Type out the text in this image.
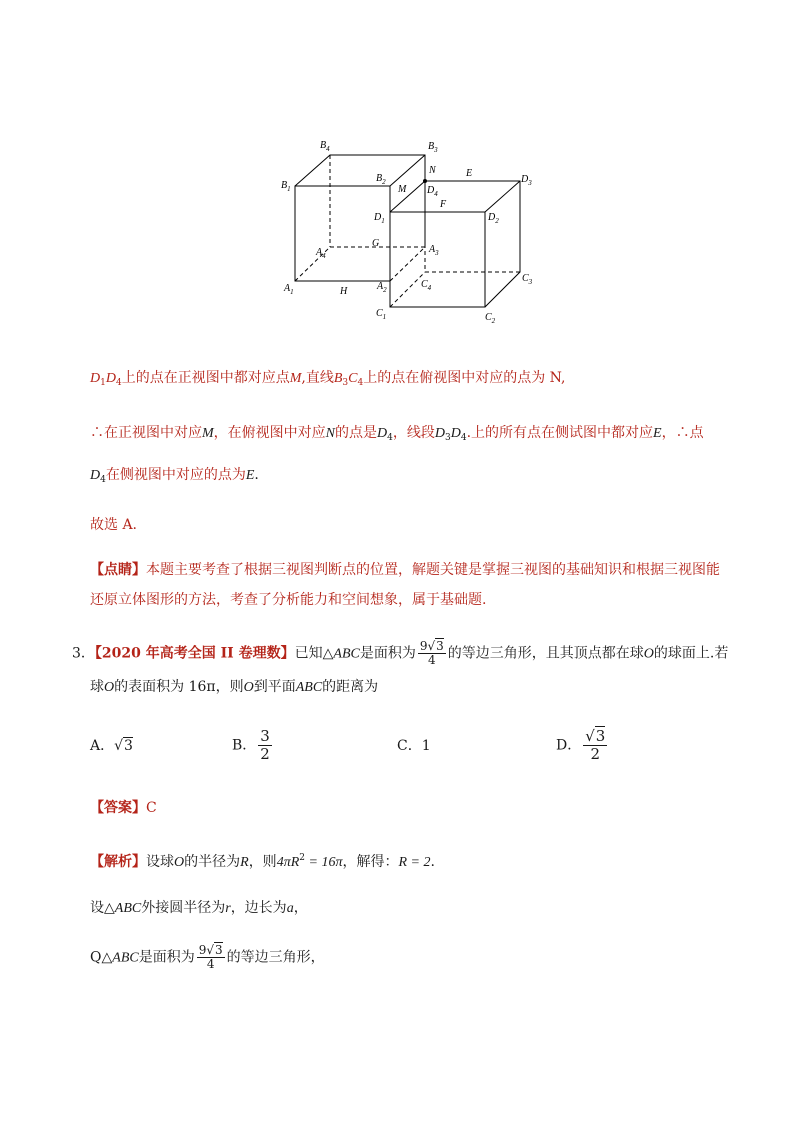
$B_4$	$B_3$
$B_1$
$B_2$
M
N
$D_4$
E
$D_3$
$D_1$
F
$D_2$
$A_4$
G
$A_3$
$A_1$	H	$A_2$	$C_4$
$C_3$
$C_1$	$C_2$
$D_1D_4$上的点在正视图中都对应点M,直线$B_3C_4$上的点在俯视图中对应的点为 N,
∴在正视图中对应M，在俯视图中对应N的点是$D_4$，线段$D_3D_4$.上的所有点在侧试图中都对应E，∴点
$D_4$在侧视图中对应的点为E.
故选 A.
【点睛】本题主要考查了根据三视图判断点的位置，解题关键是掌握三视图的基础知识和根据三视图能
还原立体图形的方法，考查了分析能力和空间想象，属于基础题.
3．【2020 年高考全国 II 卷理数】已知△ABC是面积为 $\frac{9√3}{4}$ 的等边三角形，且其顶点都在球O的球面上.若
球O的表面积为 16π，则O到平面ABC的距离为
A．√3	B． $\frac{3}{2}$	C．1	D． $\frac{√3}{2}$
【答案】C
【解析】设球O的半径为R，则$4\pi R^2 = 16\pi$，解得：R = 2.
设△ABC外接圆半径为r，边长为a，
Q△ABC是面积为 $\frac{9√3}{4}$ 的等边三角形，
